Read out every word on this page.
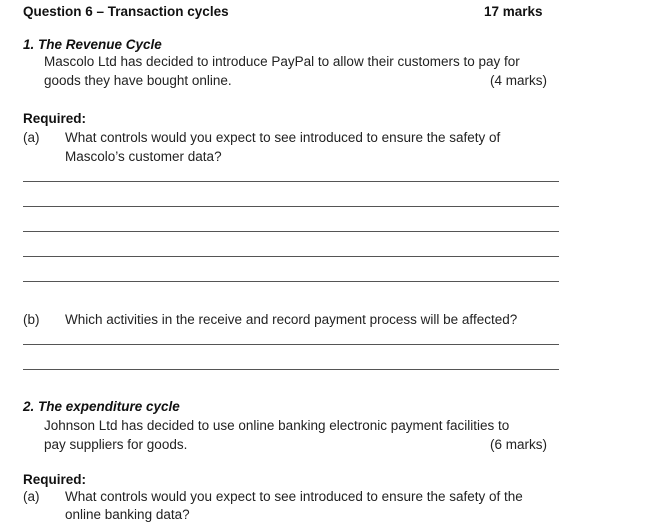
Question 6 – Transaction cycles	17 marks
1. The Revenue Cycle
Mascolo Ltd has decided to introduce PayPal to allow their customers to pay for
goods they have bought online.	(4 marks)
Required:
(a) What controls would you expect to see introduced to ensure the safety of
Mascolo’s customer data?
(b) Which activities in the receive and record payment process will be affected?
2. The expenditure cycle
Johnson Ltd has decided to use online banking electronic payment facilities to
pay suppliers for goods.	(6 marks)
Required:
(a) What controls would you expect to see introduced to ensure the safety of the
online banking data?
